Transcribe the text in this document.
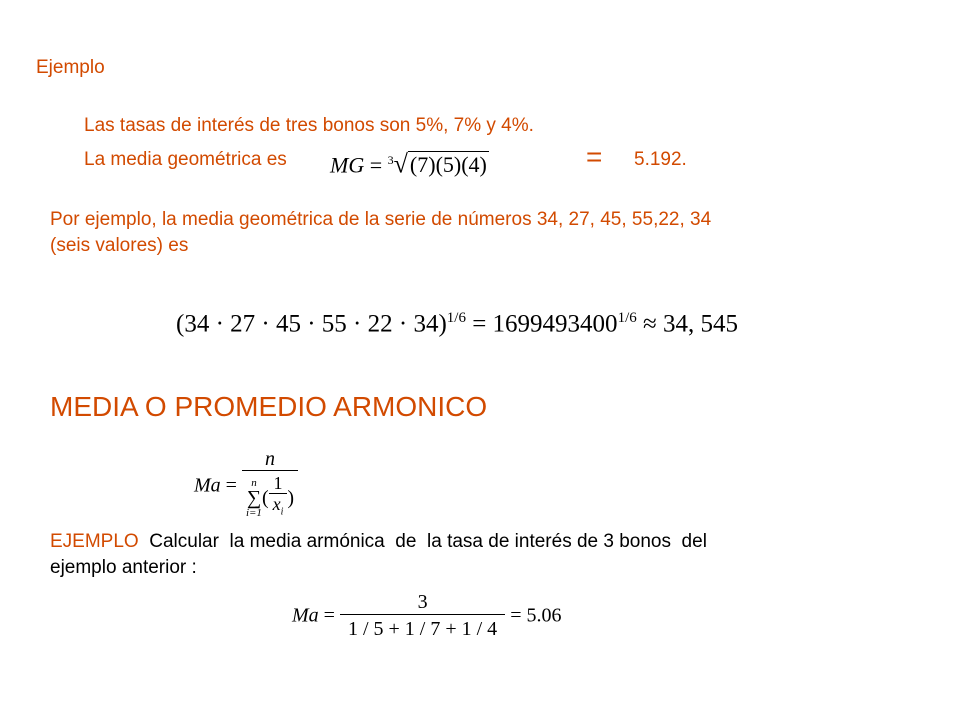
Ejemplo
Las tasas de interés de tres bonos son 5%, 7% y 4%.
La media geométrica es MG = $^3$√(7)(5)(4)	= 5.192.
Por ejemplo, la media geométrica de la serie de números 34, 27, 45, 55,22, 34
(seis valores) es
$(34 \cdot 27 \cdot 45 \cdot 55 \cdot 22 \cdot 34)^{1/6} = 1699493400^{1/6} \approx 34$, 545
MEDIA O PROMEDIO ARMONICO
Ma = n
n
∑
i=1
( $\frac{1}{x_i}$ )
EJEMPLO  Calcular  la media armónica  de  la tasa de interés de 3 bonos  del
ejemplo anterior :
$Ma = \frac{3}{1 / 5 + 1 / 7 + 1 / 4} = 5.06$
